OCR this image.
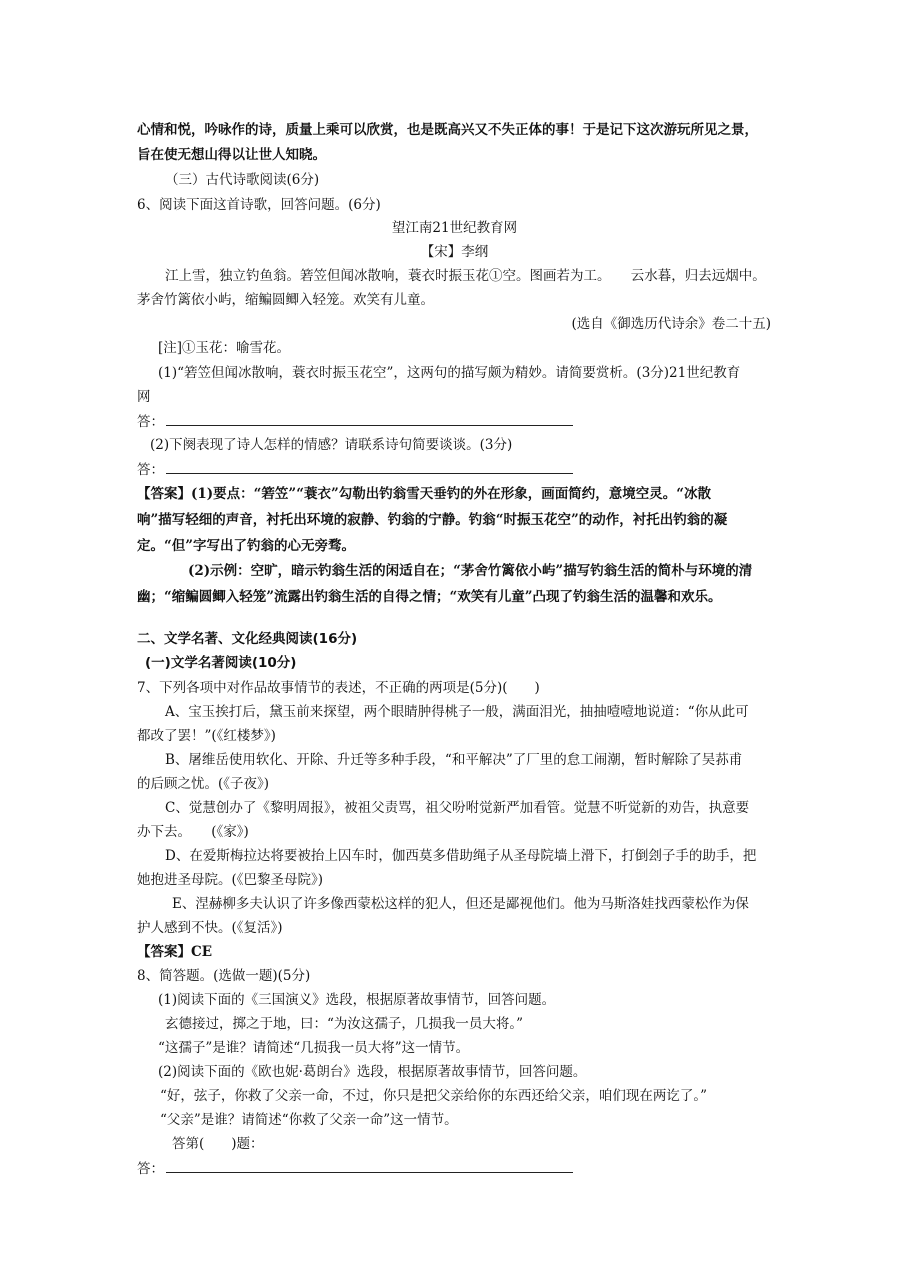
心情和悦，吟咏作的诗，质量上乘可以欣赏，也是既高兴又不失正体的事！于是记下这次游玩所见之景，
旨在使无想山得以让世人知晓。
（三）古代诗歌阅读(6分)
6、阅读下面这首诗歌，回答问题。(6分)
望江南21世纪教育网
【宋】李纲
江上雪，独立钓鱼翁。箬笠但闻冰散响，蓑衣时振玉花①空。图画若为工。　　云水暮，归去远烟中。
茅舍竹篱依小屿，缩鳊圆鲫入轻笼。欢笑有儿童。
(选自《御选历代诗余》卷二十五)
[注]①玉花：喻雪花。
(1)“箬笠但闻冰散响，蓑衣时振玉花空”，这两句的描写颇为精妙。请简要赏析。(3分)21世纪教育
网
答：
(2)下阕表现了诗人怎样的情感？请联系诗句简要谈谈。(3分)
答：
【答案】(1)要点：“箬笠”“蓑衣”勾勒出钓翁雪天垂钓的外在形象，画面简约，意境空灵。“冰散
响”描写轻细的声音，衬托出环境的寂静、钓翁的宁静。钓翁“时振玉花空”的动作，衬托出钓翁的凝
定。“但”字写出了钓翁的心无旁骛。
(2)示例：空旷，暗示钓翁生活的闲适自在；“茅舍竹篱依小屿”描写钓翁生活的简朴与环境的清
幽；“缩鳊圆鲫入轻笼”流露出钓翁生活的自得之情；“欢笑有儿童”凸现了钓翁生活的温馨和欢乐。
二、文学名著、文化经典阅读(16分)
(一)文学名著阅读(10分)
7、下列各项中对作品故事情节的表述，不正确的两项是(5分)(　　)
A、宝玉挨打后，黛玉前来探望，两个眼睛肿得桃子一般，满面泪光，抽抽噎噎地说道：“你从此可
都改了罢！”(《红楼梦》)
B、屠维岳使用软化、开除、升迁等多种手段，“和平解决”了厂里的怠工闹潮，暂时解除了吴荪甫
的后顾之忧。(《子夜》)
C、觉慧创办了《黎明周报》，被祖父责骂，祖父吩咐觉新严加看管。觉慧不听觉新的劝告，执意要
办下去。　　(《家》)
D、在爱斯梅拉达将要被抬上囚车时，伽西莫多借助绳子从圣母院墙上滑下，打倒刽子手的助手，把
她抱进圣母院。(《巴黎圣母院》)
E、涅赫柳多夫认识了许多像西蒙松这样的犯人，但还是鄙视他们。他为马斯洛娃找西蒙松作为保
护人感到不快。(《复活》)
【答案】CE
8、简答题。(选做一题)(5分)
(1)阅读下面的《三国演义》选段，根据原著故事情节，回答问题。
玄德接过，掷之于地，曰：“为汝这孺子，几损我一员大将。”
“这孺子”是谁？请简述“几损我一员大将”这一情节。
(2)阅读下面的《欧也妮·葛朗台》选段，根据原著故事情节，回答问题。
“好，弦子，你救了父亲一命，不过，你只是把父亲给你的东西还给父亲，咱们现在两讫了。”
“父亲”是谁？请简述“你救了父亲一命”这一情节。
答第(　　)题：
答：
